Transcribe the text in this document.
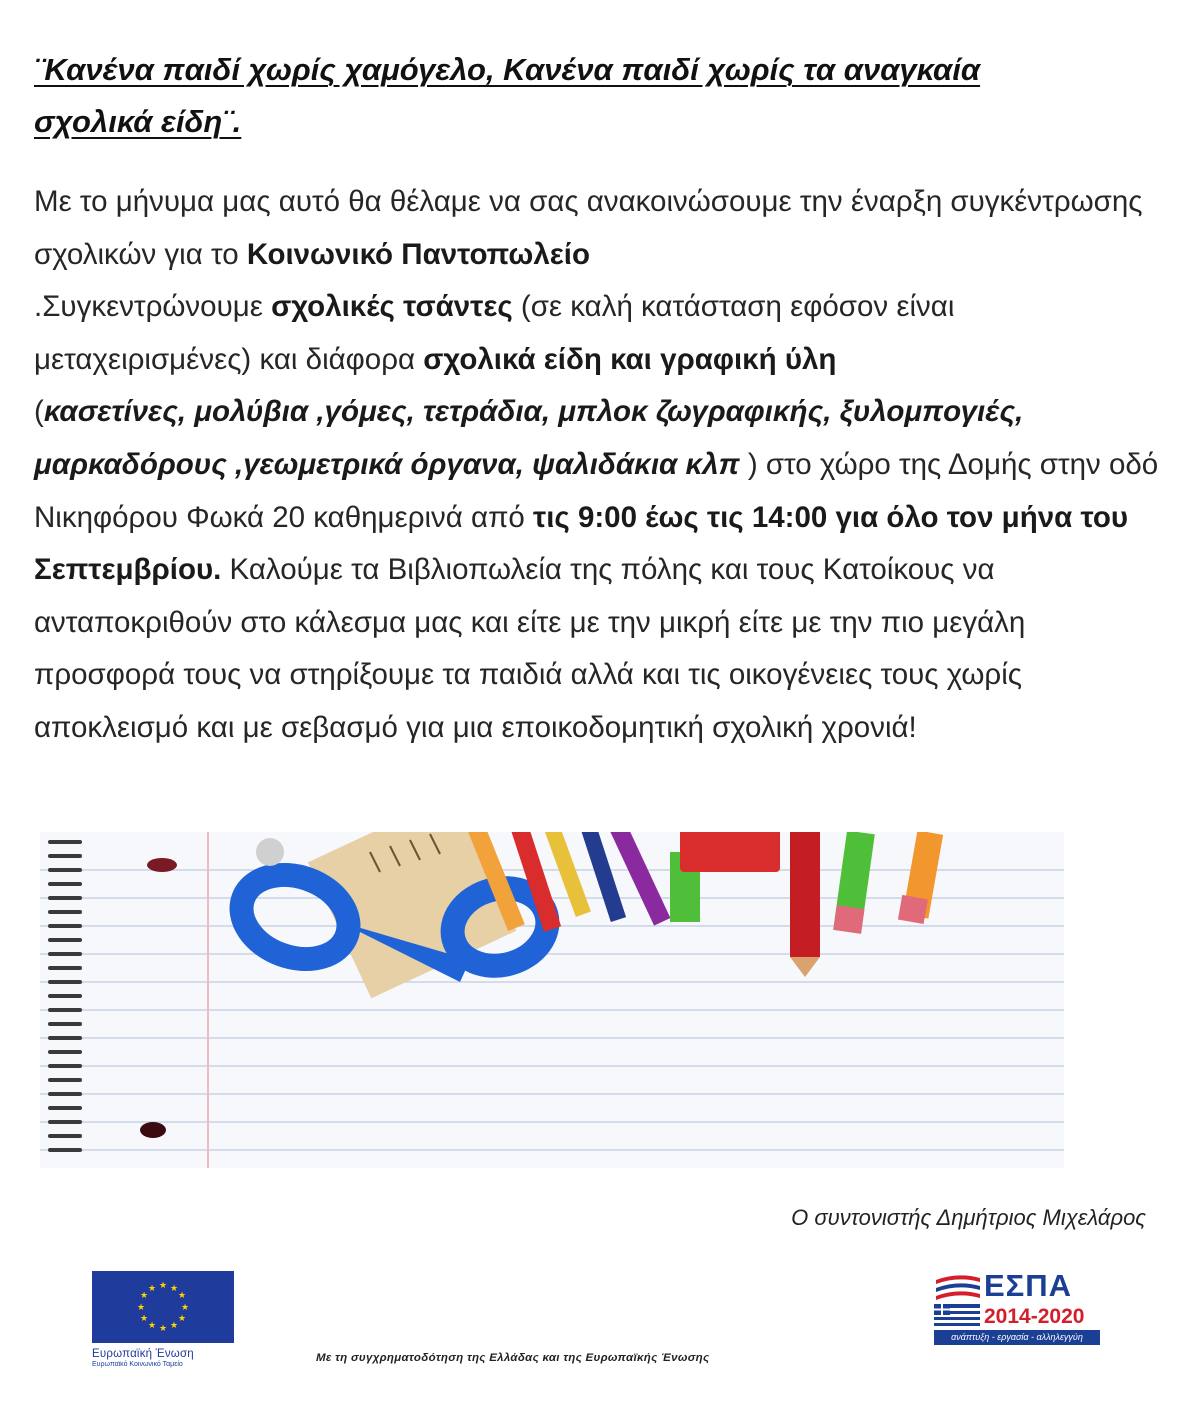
¨Κανένα παιδί χωρίς χαμόγελο, Κανένα παιδί χωρίς τα αναγκαία
σχολικά είδη¨.

Με το μήνυμα μας αυτό θα θέλαμε να σας ανακοινώσουμε την έναρξη συγκέντρωσης σχολικών για το Κοινωνικό Παντοπωλείο
.Συγκεντρώνουμε σχολικές τσάντες (σε καλή κατάσταση εφόσον είναι μεταχειρισμένες) και διάφορα σχολικά είδη και γραφική ύλη
(κασετίνες, μολύβια ,γόμες, τετράδια, μπλοκ ζωγραφικής, ξυλομπογιές, μαρκαδόρους ,γεωμετρικά όργανα, ψαλιδάκια κλπ ) στο χώρο της Δομής στην οδό Νικηφόρου Φωκά 20 καθημερινά από τις 9:00 έως τις 14:00 για όλο τον μήνα του Σεπτεμβρίου. Καλούμε τα Βιβλιοπωλεία της πόλης και τους Κατοίκους να ανταποκριθούν στο κάλεσμα μας και είτε με την μικρή είτε με την πιο μεγάλη προσφορά τους να στηρίξουμε τα παιδιά αλλά και τις οικογένειες τους χωρίς αποκλεισμό και με σεβασμό για μια εποικοδομητική σχολική χρονιά!

Ο συντονιστής Δημήτριος Μιχελάρος
★ ★
★
★
★
★
★
★
★
★
★
★
Ευρωπαϊκή Ένωση
Ευρωπαϊκό Κοινωνικό Ταμείο
Με τη συγχρηματοδότηση της Ελλάδας και της Ευρωπαϊκής Ένωσης
ΕΣΠΑ
2014-2020
ανάπτυξη - εργασία - αλληλεγγύη
